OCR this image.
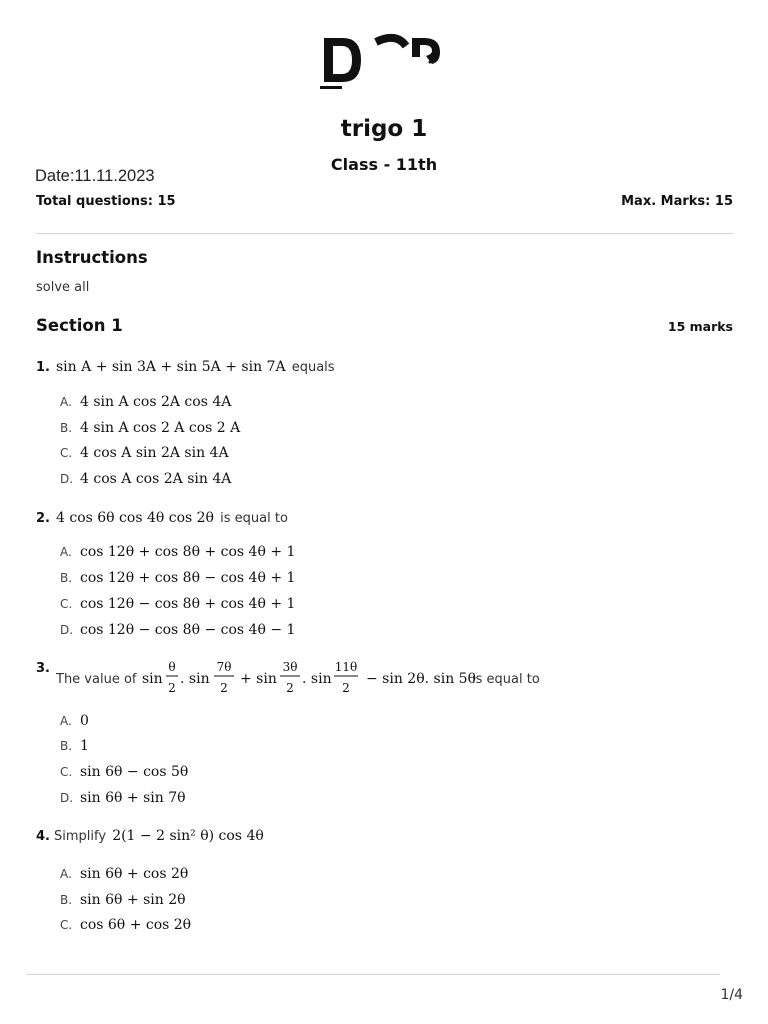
trigo 1
Class - 11th
Date:11.11.2023
Total questions: 15	Max. Marks: 15
Instructions
solve all
Section 1	15 marks
1. sin A + sin 3A + sin 5A + sin 7A equals
A. 4 sin A cos 2A cos 4A
B. 4 sin A cos 2 A cos 2 A
C. 4 cos A sin 2A sin 4A
D. 4 cos A cos 2A sin 4A
2. 4 cos 6θ cos 4θ cos 2θ is equal to
A. cos 12θ + cos 8θ + cos 4θ + 1
B. cos 12θ + cos 8θ − cos 4θ + 1
C. cos 12θ − cos 8θ + cos 4θ + 1
D. cos 12θ − cos 8θ − cos 4θ − 1
3.
The value of sin
θ
2
. sin
7θ
2
+ sin
3θ
2
. sin
11θ
2
− sin 2θ. sin 5θ
is equal to
A. 0
B. 1
C. sin 6θ − cos 5θ
D. sin 6θ + sin 7θ
4. Simplify 2(1 − 2 sin² θ) cos 4θ
A. sin 6θ + cos 2θ
B. sin 6θ + sin 2θ
C. cos 6θ + cos 2θ
1/4
